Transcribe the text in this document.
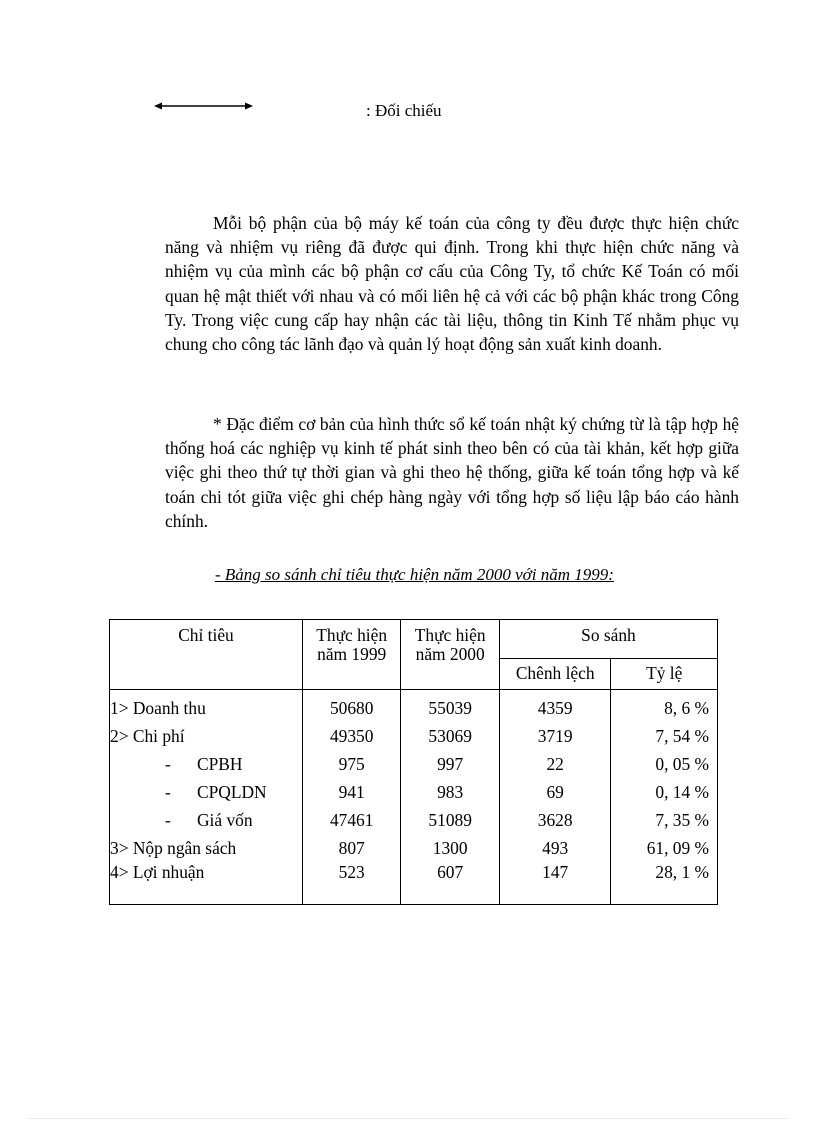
: Đối chiếu

Mỗi bộ phận của bộ máy kế toán của công ty đều được thực hiện chức năng và nhiệm vụ riêng đã được qui định. Trong khi thực hiện chức năng và nhiệm vụ của mình các bộ phận cơ cấu của Công Ty, tổ chức Kế Toán có mối quan hệ mật thiết với nhau và có mối liên hệ cả với các bộ phận khác trong Công Ty. Trong việc cung cấp hay nhận các tài liệu, thông tin Kinh Tế nhằm phục vụ chung cho công tác lãnh đạo và quản lý hoạt động sản xuất kinh doanh.

* Đặc điểm cơ bản của hình thức sổ kế toán nhật ký chứng từ là tập hợp hệ thống hoá các nghiệp vụ kinh tế phát sinh theo bên có của tài khản, kết hợp giữa việc ghi theo thứ tự thời gian và ghi theo hệ thống, giữa kế toán tổng hợp và kế toán chi tót giữa việc ghi chép hàng ngày với tổng hợp số liệu lập báo cáo hành chính.

- Bảng so sánh chỉ tiêu thực hiện năm 2000 với năm 1999:
Chỉ tiêu	Thực hiện năm 1999	Thực hiện năm 2000	So sánh	
			Chênh lệch	Tỷ lệ
1> Doanh thu	50680	55039	4359	8, 6 %
2> Chi phí	49350	53069	3719	7, 54 %
- CPBH	975	997	22	0, 05 %
- CPQLDN	941	983	69	0, 14 %
- Giá vốn	47461	51089	3628	7, 35 %
3> Nộp ngân sách	807	1300	493	61, 09 %
4> Lợi nhuận	523	607	147	28, 1 %
